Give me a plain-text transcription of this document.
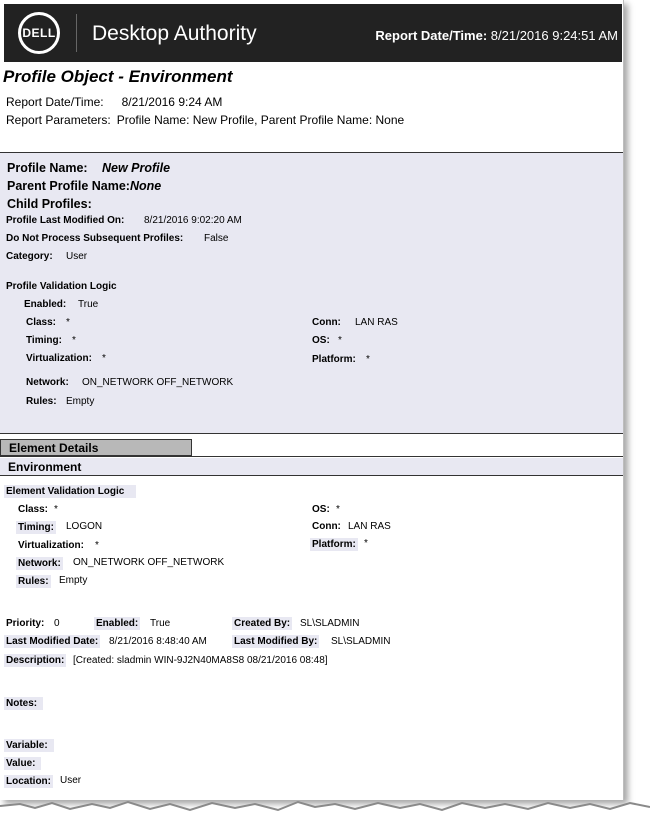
DELL Desktop Authority	Report Date/Time: 8/21/2016 9:24:51 AM
Profile Object - Environment
Report Date/Time: 8/21/2016 9:24 AM
Report Parameters: Profile Name: New Profile, Parent Profile Name: None
Profile Name: New Profile
Parent Profile Name: None
Child Profiles:
Profile Last Modified On: 8/21/2016 9:02:20 AM
Do Not Process Subsequent Profiles: False
Category: User
Profile Validation Logic
Enabled: True
Class: *
Timing: *
Virtualization: *
Network: ON_NETWORK OFF_NETWORK
Rules: Empty
Conn: LAN RAS
OS: *
Platform: *
Element Details
Environment
Element Validation Logic
Class: *
Timing: LOGON
Virtualization: *
Network: ON_NETWORK OFF_NETWORK
Rules: Empty
OS: *
Conn: LAN RAS
Platform: *
Priority: 0	Enabled: True	Created By: SL\SLADMIN
Last Modified Date: 8/21/2016 8:48:40 AM	Last Modified By: SL\SLADMIN
Description: [Created: sladmin WIN-9J2N40MA8S8 08/21/2016 08:48]
Notes:
Variable:
Value:
Location: User
